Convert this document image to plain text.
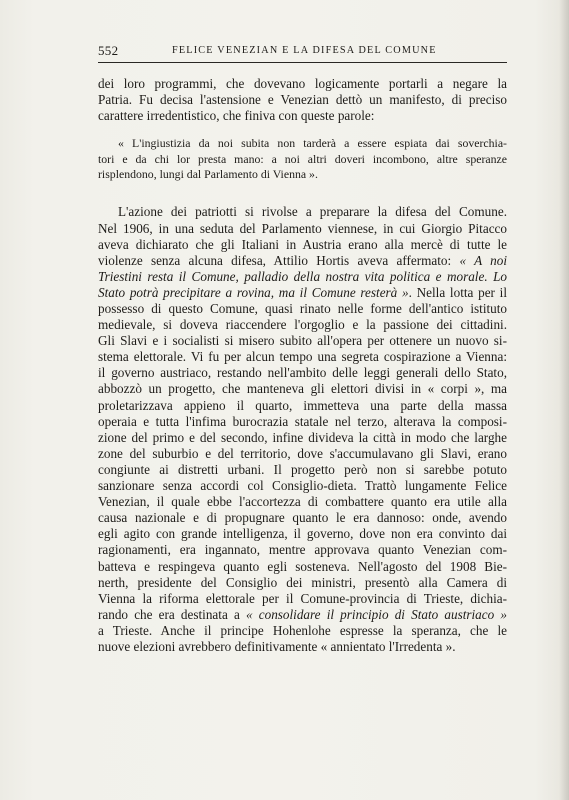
552	FELICE VENEZIAN E LA DIFESA DEL COMUNE
dei loro programmi, che dovevano logicamente portarli a negare la
Patria. Fu decisa l'astensione e Venezian dettò un manifesto, di preciso
carattere irredentistico, che finiva con queste parole:
« L'ingiustizia da noi subita non tarderà a essere espiata dai soverchia-
tori e da chi lor presta mano: a noi altri doveri incombono, altre speranze
risplendono, lungi dal Parlamento di Vienna ».
L'azione dei patriotti si rivolse a preparare la difesa del Comune.
Nel 1906, in una seduta del Parlamento viennese, in cui Giorgio Pitacco
aveva dichiarato che gli Italiani in Austria erano alla mercè di tutte le
violenze senza alcuna difesa, Attilio Hortis aveva affermato: « A noi
Triestini resta il Comune, palladio della nostra vita politica e morale. Lo
Stato potrà precipitare a rovina, ma il Comune resterà ». Nella lotta per il
possesso di questo Comune, quasi rinato nelle forme dell'antico istituto
medievale, si doveva riaccendere l'orgoglio e la passione dei cittadini.
Gli Slavi e i socialisti si misero subito all'opera per ottenere un nuovo si-
stema elettorale. Vi fu per alcun tempo una segreta cospirazione a Vienna:
il governo austriaco, restando nell'ambito delle leggi generali dello Stato,
abbozzò un progetto, che manteneva gli elettori divisi in « corpi », ma
proletarizzava appieno il quarto, immetteva una parte della massa
operaia e tutta l'infima burocrazia statale nel terzo, alterava la composi-
zione del primo e del secondo, infine divideva la città in modo che larghe
zone del suburbio e del territorio, dove s'accumulavano gli Slavi, erano
congiunte ai distretti urbani. Il progetto però non si sarebbe potuto
sanzionare senza accordi col Consiglio-dieta. Trattò lungamente Felice
Venezian, il quale ebbe l'accortezza di combattere quanto era utile alla
causa nazionale e di propugnare quanto le era dannoso: onde, avendo
egli agito con grande intelligenza, il governo, dove non era convinto dai
ragionamenti, era ingannato, mentre approvava quanto Venezian com-
batteva e respingeva quanto egli sosteneva. Nell'agosto del 1908 Bie-
nerth, presidente del Consiglio dei ministri, presentò alla Camera di
Vienna la riforma elettorale per il Comune-provincia di Trieste, dichia-
rando che era destinata a « consolidare il principio di Stato austriaco »
a Trieste. Anche il principe Hohenlohe espresse la speranza, che le
nuove elezioni avrebbero definitivamente « annientato l'Irredenta ».
